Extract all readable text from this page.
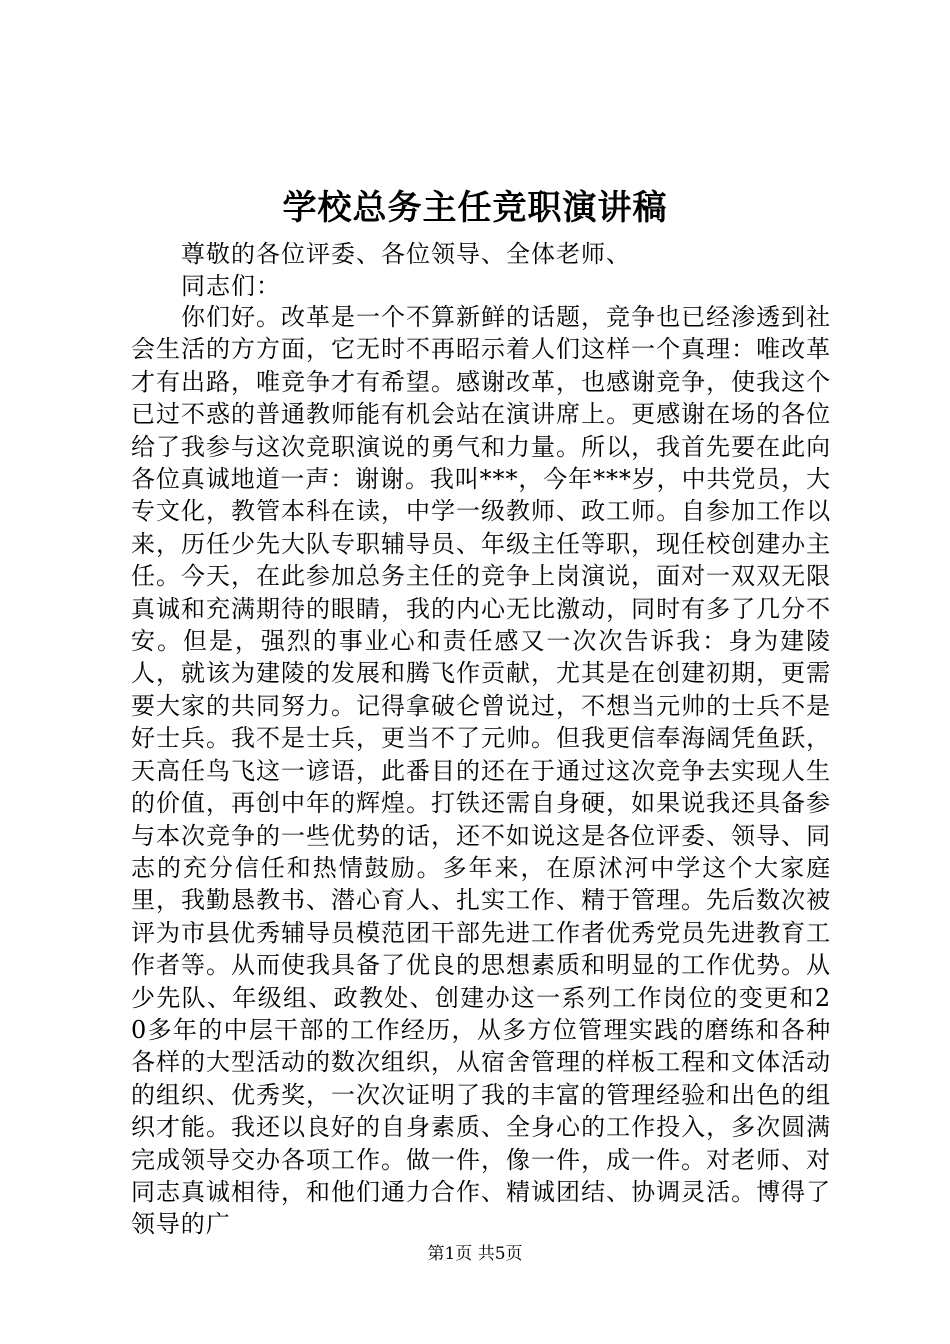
学校总务主任竞职演讲稿
尊敬的各位评委、各位领导、全体老师、
同志们：

你们好。改革是一个不算新鲜的话题，竞争也已经渗透到社会生活的方方面，它无时不再昭示着人们这样一个真理：唯改革才有出路，唯竞争才有希望。感谢改革，也感谢竞争，使我这个已过不惑的普通教师能有机会站在演讲席上。更感谢在场的各位给了我参与这次竞职演说的勇气和力量。所以，我首先要在此向各位真诚地道一声：谢谢。我叫***，今年***岁，中共党员，大专文化，教管本科在读，中学一级教师、政工师。自参加工作以来，历任少先大队专职辅导员、年级主任等职，现任校创建办主任。今天，在此参加总务主任的竞争上岗演说，面对一双双无限真诚和充满期待的眼睛，我的内心无比激动，同时有多了几分不安。但是，强烈的事业心和责任感又一次次告诉我：身为建陵人，就该为建陵的发展和腾飞作贡献，尤其是在创建初期，更需要大家的共同努力。记得拿破仑曾说过，不想当元帅的士兵不是好士兵。我不是士兵，更当不了元帅。但我更信奉海阔凭鱼跃，天高任鸟飞这一谚语，此番目的还在于通过这次竞争去实现人生的价值，再创中年的辉煌。打铁还需自身硬，如果说我还具备参与本次竞争的一些优势的话，还不如说这是各位评委、领导、同志的充分信任和热情鼓励。多年来，在原沭河中学这个大家庭里，我勤恳教书、潜心育人、扎实工作、精于管理。先后数次被评为市县优秀辅导员模范团干部先进工作者优秀党员先进教育工作者等。从而使我具备了优良的思想素质和明显的工作优势。从少先队、年级组、政教处、创建办这一系列工作岗位的变更和20多年的中层干部的工作经历，从多方位管理实践的磨练和各种各样的大型活动的数次组织，从宿舍管理的样板工程和文体活动的组织、优秀奖，一次次证明了我的丰富的管理经验和出色的组织才能。我还以良好的自身素质、全身心的工作投入，多次圆满完成领导交办各项工作。做一件，像一件，成一件。对老师、对同志真诚相待，和他们通力合作、精诚团结、协调灵活。博得了领导的广

第1页 共5页
